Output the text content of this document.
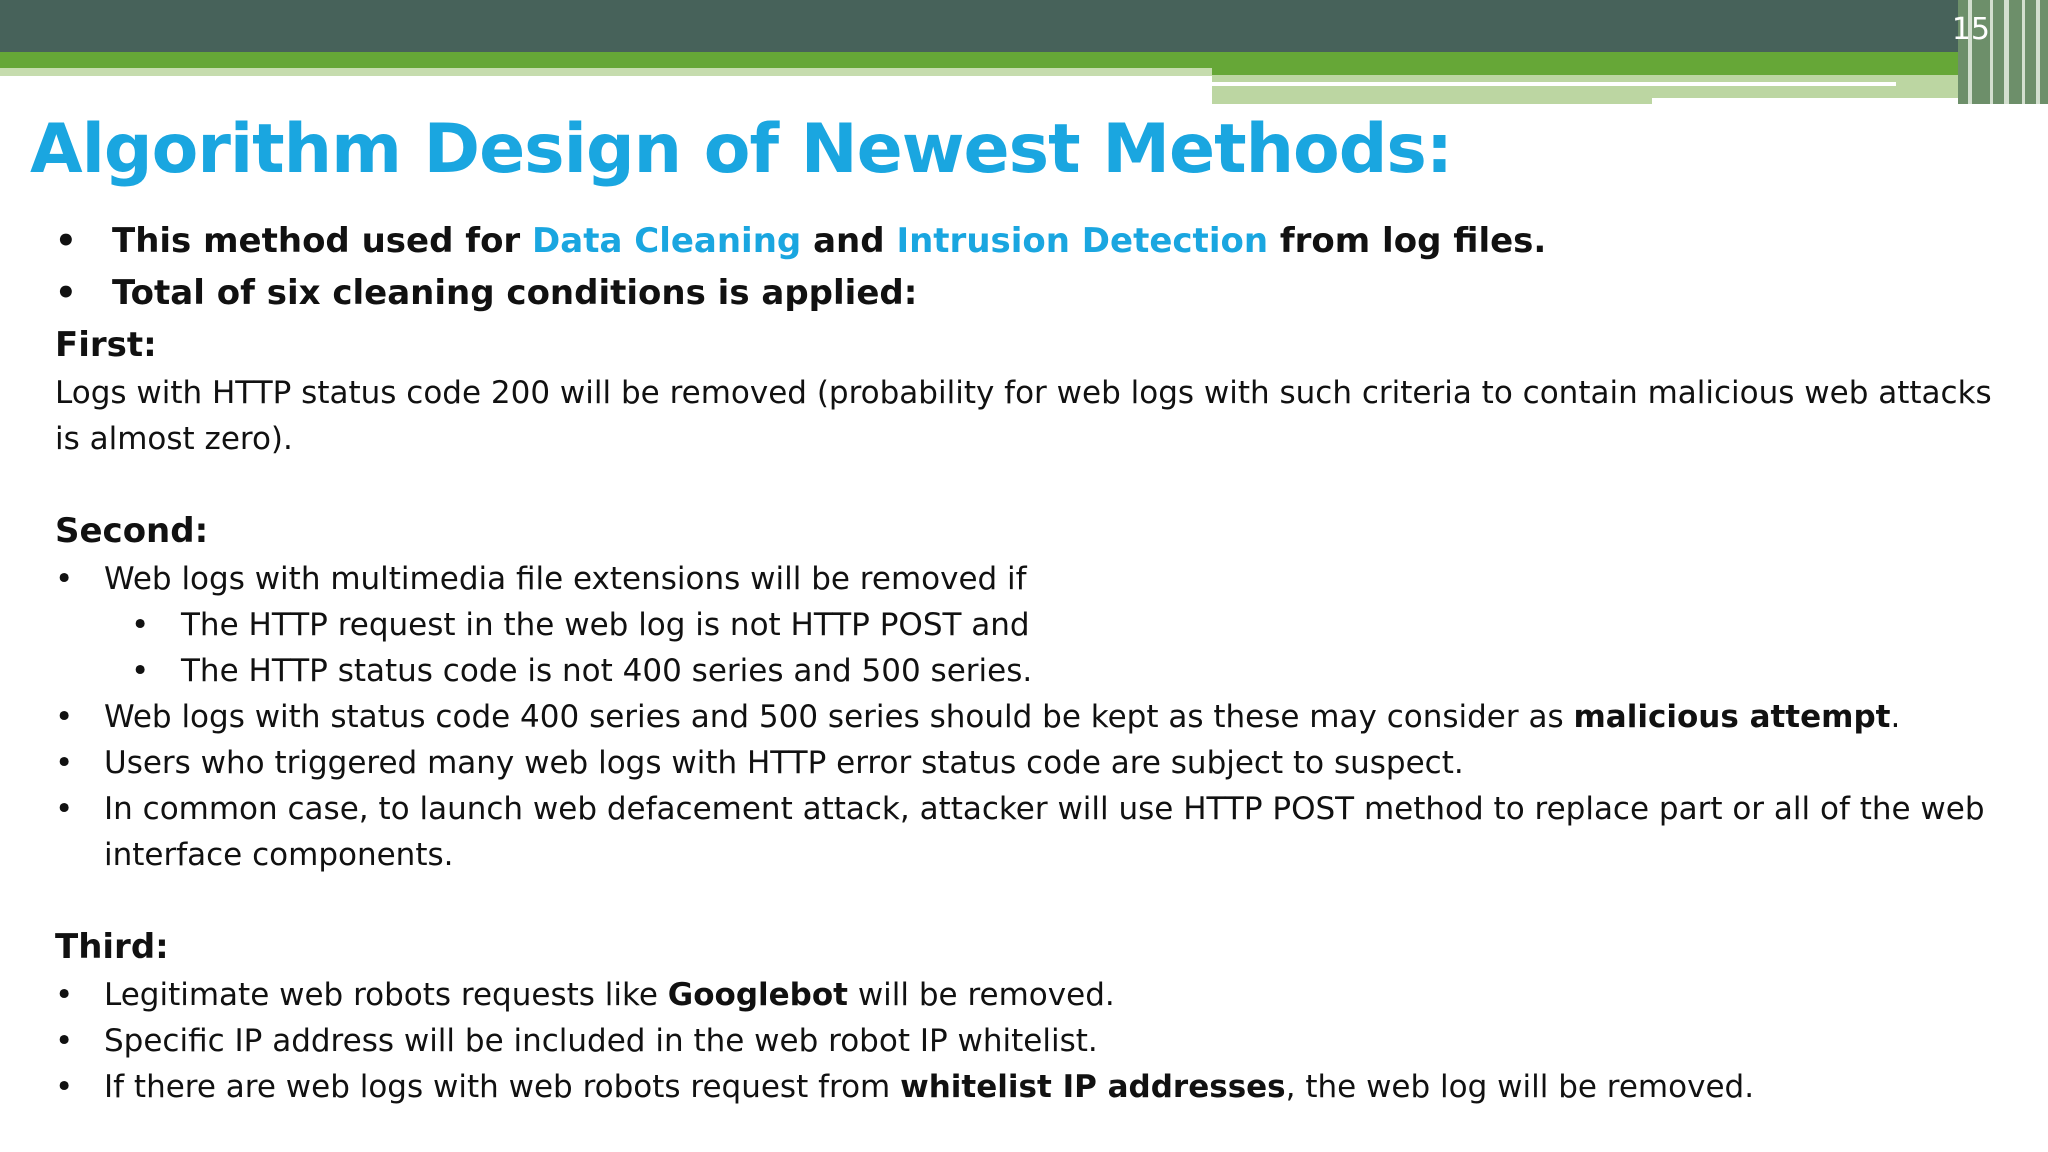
15
Algorithm Design of Newest Methods:
• This method used for Data Cleaning and Intrusion Detection from log files.
• Total of six cleaning conditions is applied:
First:
Logs with HTTP status code 200 will be removed (probability for web logs with such criteria to contain malicious web attacks is almost zero).
Second:
• Web logs with multimedia file extensions will be removed if
• The HTTP request in the web log is not HTTP POST and
• The HTTP status code is not 400 series and 500 series.
• Web logs with status code 400 series and 500 series should be kept as these may consider as malicious attempt.
• Users who triggered many web logs with HTTP error status code are subject to suspect.
• In common case, to launch web defacement attack, attacker will use HTTP POST method to replace part or all of the web interface components.
Third:
• Legitimate web robots requests like Googlebot will be removed.
• Specific IP address will be included in the web robot IP whitelist.
• If there are web logs with web robots request from whitelist IP addresses, the web log will be removed.
